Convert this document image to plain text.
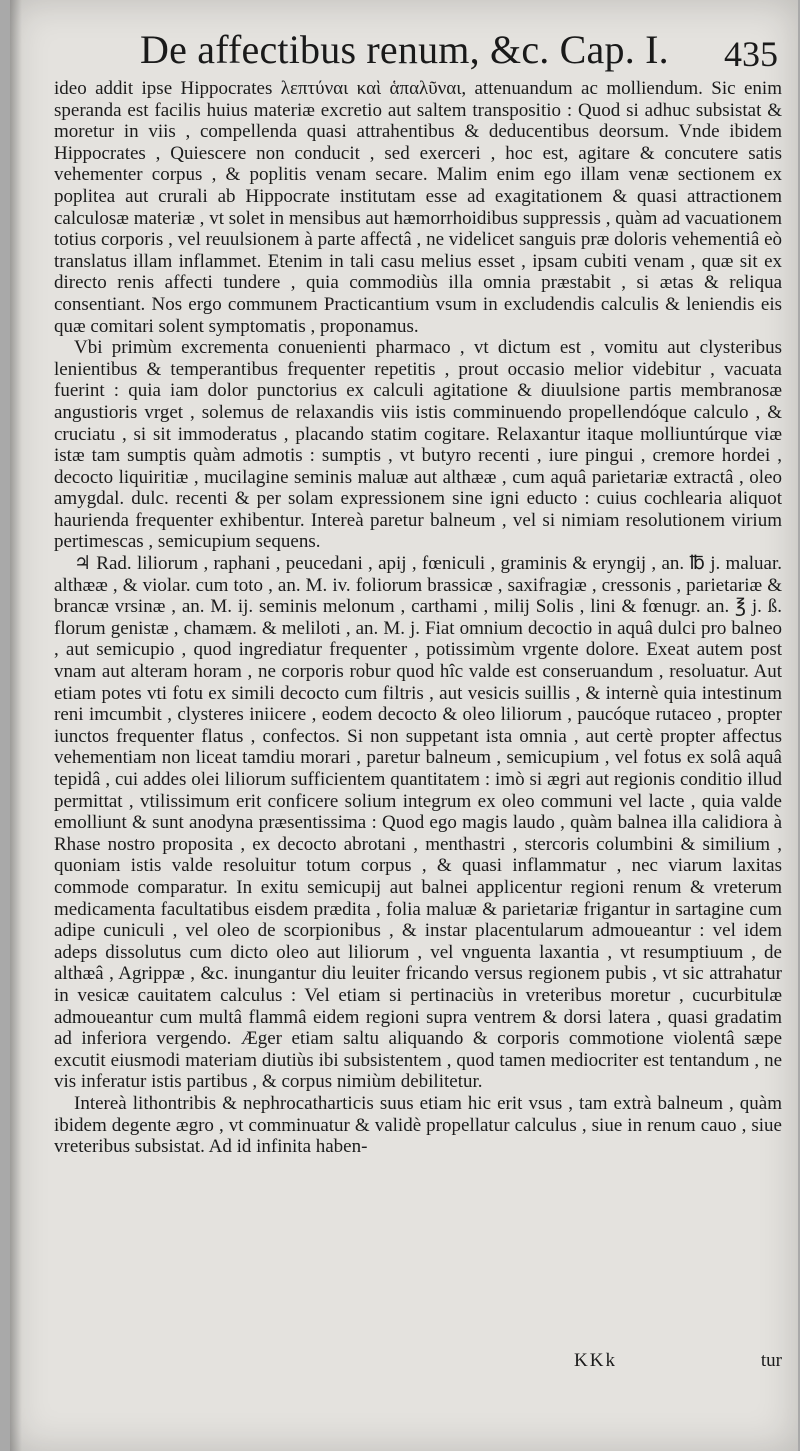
De affectibus renum, &c. Cap. I. 435

ideo addit ipse Hippocrates λεπτύναι καὶ ἁπαλῦναι, attenuandum ac molliendum. Sic enim speranda est facilis huius materiæ excretio aut saltem transpositio : Quod si adhuc subsistat & moretur in viis , compellenda quasi attrahentibus & deducentibus deorsum. Vnde ibidem Hippocrates , Quiescere non conducit , sed exerceri , hoc est, agitare & concutere satis vehementer corpus , & poplitis venam secare. Malim enim ego illam venæ sectionem ex poplitea aut crurali ab Hippocrate institutam esse ad exagitationem & quasi attractionem calculosæ materiæ , vt solet in mensibus aut hæmorrhoidibus suppressis , quàm ad vacuationem totius corporis , vel reuulsionem à parte affectâ , ne videlicet sanguis præ doloris vehementiâ eò translatus illam inflammet. Etenim in tali casu melius esset , ipsam cubiti venam , quæ sit ex directo renis affecti tundere , quia commodiùs illa omnia præstabit , si ætas & reliqua consentiant. Nos ergo communem Practicantium vsum in excludendis calculis & leniendis eis quæ comitari solent symptomatis , proponamus.

Vbi primùm excrementa conuenienti pharmaco , vt dictum est , vomitu aut clysteribus lenientibus & temperantibus frequenter repetitis , prout occasio melior videbitur , vacuata fuerint : quia iam dolor punctorius ex calculi agitatione & diuulsione partis membranosæ angustioris vrget , solemus de relaxandis viis istis comminuendo propellendóque calculo , & cruciatu , si sit immoderatus , placando statim cogitare. Relaxantur itaque molliuntúrque viæ istæ tam sumptis quàm admotis : sumptis , vt butyro recenti , iure pingui , cremore hordei , decocto liquiritiæ , mucilagine seminis maluæ aut althææ , cum aquâ parietariæ extractâ , oleo amygdal. dulc. recenti & per solam expressionem sine igni educto : cuius cochlearia aliquot haurienda frequenter exhibentur. Intereà paretur balneum , vel si nimiam resolutionem virium pertimescas , semicupium sequens.

♃ Rad. liliorum , raphani , peucedani , apij , fœniculi , graminis & eryngij , an. ℔ j. maluar. althææ , & violar. cum toto , an. M. iv. foliorum brassicæ , saxifragiæ , cressonis , parietariæ & brancæ vrsinæ , an. M. ij. seminis melonum , carthami , milij Solis , lini & fœnugr. an. ℥ j. ß. florum genistæ , chamæm. & meliloti , an. M. j. Fiat omnium decoctio in aquâ dulci pro balneo , aut semicupio , quod ingrediatur frequenter , potissimùm vrgente dolore. Exeat autem post vnam aut alteram horam , ne corporis robur quod hîc valde est conseruandum , resoluatur. Aut etiam potes vti fotu ex simili decocto cum filtris , aut vesicis suillis , & internè quia intestinum reni imcumbit , clysteres iniicere , eodem decocto & oleo liliorum , paucóque rutaceo , propter iunctos frequenter flatus , confectos. Si non suppetant ista omnia , aut certè propter affectus vehementiam non liceat tamdiu morari , paretur balneum , semicupium , vel fotus ex solâ aquâ tepidâ , cui addes olei liliorum sufficientem quantitatem : imò si ægri aut regionis conditio illud permittat , vtilissimum erit conficere solium integrum ex oleo communi vel lacte , quia valde emolliunt & sunt anodyna præsentissima : Quod ego magis laudo , quàm balnea illa calidiora à Rhase nostro proposita , ex decocto abrotani , menthastri , stercoris columbini & similium , quoniam istis valde resoluitur totum corpus , & quasi inflammatur , nec viarum laxitas commode comparatur. In exitu semicupij aut balnei applicentur regioni renum & vreterum medicamenta facultatibus eisdem prædita , folia maluæ & parietariæ frigantur in sartagine cum adipe cuniculi , vel oleo de scorpionibus , & instar placentularum admoueantur : vel idem adeps dissolutus cum dicto oleo aut liliorum , vel vnguenta laxantia , vt resumptiuum , de althæâ , Agrippæ , &c. inungantur diu leuiter fricando versus regionem pubis , vt sic attrahatur in vesicæ cauitatem calculus : Vel etiam si pertinaciùs in vreteribus moretur , cucurbitulæ admoueantur cum multâ flammâ eidem regioni supra ventrem & dorsi latera , quasi gradatim ad inferiora vergendo. Æger etiam saltu aliquando & corporis commotione violentâ sæpe excutit eiusmodi materiam diutiùs ibi subsistentem , quod tamen mediocriter est tentandum , ne vis inferatur istis partibus , & corpus nimiùm debilitetur.

Intereà lithontribis & nephrocatharticis suus etiam hic erit vsus , tam extrà balneum , quàm ibidem degente ægro , vt comminuatur & validè propellatur calculus , siue in renum cauo , siue vreteribus subsistat. Ad id infinita haben-

KKk	tur
